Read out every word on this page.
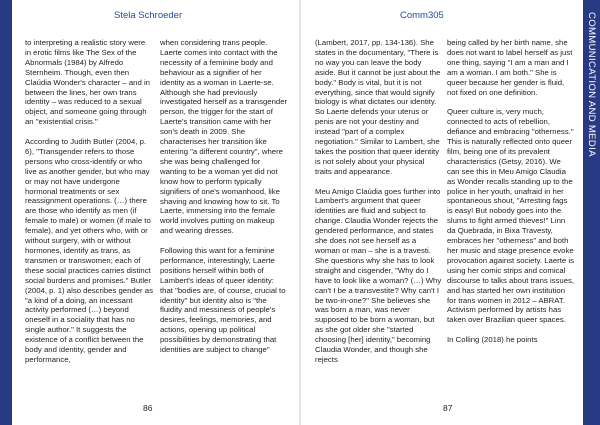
COMMUNICATION AND MEDIA
Stela Schroeder	Comm305

to interpreting a realistic story were in erotic films like The Sex of the Abnormals (1984) by Alfredo Sternheim. Though, even then Claúdia Wonder's character – and in between the lines, her own trans identity – was reduced to a sexual object, and someone going through an "existential crisis."

According to Judith Butler (2004, p. 6), "Transgender refers to those persons who cross-identify or who live as another gender, but who may or may not have undergone hormonal treatments or sex reassignment operations. (…) there are those who identify as men (if female to male) or women (if male to female), and yet others who, with or without surgery, with or without hormones, identify as trans, as transmen or transwomen; each of these social practices carries distinct social burdens and promises." Butler (2004, p. 1) also describes gender as "a kind of a doing, an incessant activity performed (…) beyond oneself in a sociality that has no single author." It suggests the existence of a conflict between the body and identity, gender and performance,

when considering trans people. Laerte comes into contact with the necessity of a feminine body and behaviour as a signifier of her identity as a woman in Laerte-se. Although she had previously investigated herself as a transgender person, the trigger for the start of Laerte's transition came with her son's death in 2009. She characterises her transition like entering "a different country", where she was being challenged for wanting to be a woman yet did not know how to perform typically signifiers of one's womanhood, like shaving and knowing how to sit. To Laerte, immersing into the female world involves putting on makeup and wearing dresses.

Following this want for a feminine performance, interestingly, Laerte positions herself within both of Lambert's ideas of queer identity: that "bodies are, of course, crucial to identity" but identity also is "the fluidity and messiness of people's desires, feelings, memories, and actions, opening up political possibilities by demonstrating that identities are subject to change"

(Lambert, 2017, pp. 134-136). She states in the documentary, "There is no way you can leave the body aside. But it cannot be just about the body." Body is vital, but it is not everything, since that would signify biology is what dictates our identity. So Laerte defends your uterus or penis are not your destiny and instead "part of a complex negotiation." Similar to Lambert, she takes the position that queer identity is not solely about your physical traits and appearance.

Meu Amigo Claúdia goes further into Lambert's argument that queer identities are fluid and subject to change. Claudia Wonder rejects the gendered performance, and states she does not see herself as a woman or man – she is a travesti. She questions why she has to look straight and cisgender, "Why do I have to look like a woman? (…) Why can't I be a transvestite? Why can't I be two-in-one?" She believes she was born a man, was never supposed to be born a woman, but as she got older she "started choosing [her] identity," becoming Claudia Wonder, and though she rejects

being called by her birth name, she does not want to label herself as just one thing, saying "I am a man and I am a woman. I am both." She is queer because her gender is fluid, not fixed on one definition.

Queer culture is, very much, connected to acts of rebellion, defiance and embracing "otherness." This is naturally reflected onto queer film, being one of its prevalent characteristics (Getsy, 2016). We can see this in Meu Amigo Claudia as Wonder recalls standing up to the police in her youth, unafraid in her spontaneous shout, "Arresting fags is easy! But nobody goes into the slums to fight armed thieves!" Linn da Quebrada, in Bixa Travesty, embraces her "otherness" and both her music and stage presence evoke provocation against society. Laerte is using her comic strips and comical discourse to talks about trans issues, and has started her own institution for trans women in 2012 – ABRAT. Activism performed by artists has taken over Brazilian queer spaces.

In Colling (2018) he points

86	87
